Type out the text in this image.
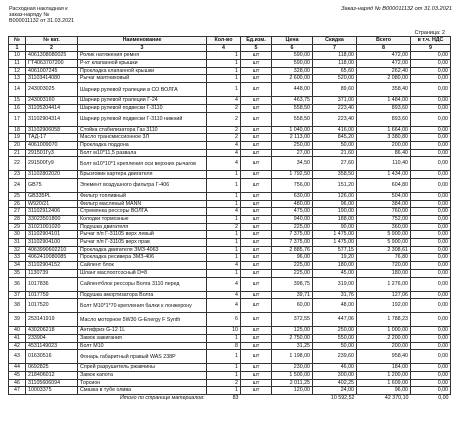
Расходная накладная к
заказ-наряду №
В000011132 от 31.03.2021
Заказ-наряд № В000011132 от 31.03.2021
Страница: 2
№	№ кат.	Наименование	Кол-во	Ед.изм.	Цена	Скидка	Всего	в т.ч. НДС
1	2	3	4	5	6	7	8	9
10	4061308080025	Ролик натяжения ремня	1	шт	590,00	118,00	472,00	0,00
11	ГТ4063707200	Р-кт клапанной крышки	1	шт	590,00	118,00	472,00	0,00
12	4061007245	Прокладка клапанной крышки	1	шт	328,00	65,60	262,40	0,00
13	31103414080	Рычаг маятниковый	1	шт	2 600,00	520,00	2 080,00	0,00
14	243003025	Шарнир рулевой трапеции в СО ВОЛГА	1	шт	448,00	89,60	358,40	0,00
15	243003160	Шарнир рулевой трапеции Г-24	4	шт	463,75	371,00	1 484,00	0,00
16	31105204414	Шарнир рулевой подвески Г-3110	2	шт	558,50	223,40	893,60	0,00
17	31102904314	Шарнир рулевой подвески Г-3110 нижний	2	шт	558,50	223,40	893,60	0,00
18	31102906058	Стойка стабилизатора Газ 3110	2	шт	1 040,00	416,00	1 664,00	0,00
19	ТАД-17	Масло трансмиссионное 3Л	2	шт	2 113,00	845,20	3 380,80	0,00
20	4061009070	Прокладка поддона	4	шт	250,00	50,00	200,00	0,00
21	291501Гу3	Болт м10*11,5 развала	4	шт	27,00	21,60	86,40	0,00
22	291500Гу9	Болт м10*10*1 крепления оси верхних рычагов	4	шт	34,50	27,60	110,40	0,00
23	31102802020	Брызговик картера двигателя	1	шт	1 792,50	358,50	1 434,00	0,00
24	GB75	Элемент воздушного фильтра Г-406	1	шт	756,00	151,20	604,80	0,00
25	GB335PL	Фильтр топливный	1	шт	630,00	126,00	504,00	0,00
26	W920/21	Фильтр масляный MANN	1	шт	480,00	96,00	384,00	0,00
27	31102912406	Стремянка рессоры ВОЛГА	4	шт	475,00	190,00	760,00	0,00
28	33023501800	Колодки тормозные	1	шт	940,00	188,00	752,00	0,00
29	31021001020	Подушка двигателя	2	шт	225,00	90,00	360,00	0,00
30	31102904101	Рычаг п/п Г-31105 верх левый	1	шт	7 375,00	1 475,00	5 900,00	0,00
31	31102904100	Рычаг п/п Г-31105 верх прав	1	шт	7 375,00	1 475,00	5 900,00	0,00
32	4063990602210	Прокладка двигателя ЗМЗ-4063	1	шт	2 885,76	577,15	2 308,61	0,00
33	4062410080085	Прокладка ресивера ЗМЗ-406	1	шт	96,00	19,20	76,80	0,00
34	31102904152	Сайлент блок	4	шт	225,00	180,00	720,00	0,00
35	1130739	Шланг маслоотсосный D=8	1	шт	225,00	45,00	180,00	0,00
36	1017836	Сайлентблок рессоры Волга 3110 перед	4	шт	398,75	319,00	1 276,00	0,00
37	1017759	Подушка амортизатора Волга	4	шт	39,71	31,76	127,06	0,00
38	1017520	Болт М10*1*70 крепления балки к лонжерону	4	шт	60,00	48,00	192,00	0,00
39	253141919	Масло моторное 5W30 G-Energy F Synth	6	шт	372,55	447,06	1 788,23	0,00
40	430206218	Антифриз G-12 1L	10	шт	125,00	250,00	1 000,00	0,00
41	233904	Замок зажигания	1	шт	2 750,00	550,00	2 200,00	0,00
42	4531149023	Болт M10	8	шт	31,25	50,00	200,00	0,00
43	01630516	Фонарь габаритный правый WAS 238P	1	шт	1 198,00	239,60	958,40	0,00
44	0692825	Спрей разрушитель ржавчины	1	шт	230,00	46,00	184,00	0,00
45	218406012	Замок капота	1	шт	1 500,00	300,00	1 200,00	0,00
46	31105606094	Торсион	2	шт	2 011,25	402,25	1 609,00	0,00
47	10003375	Смазка в тубе олива	1	шт	120,00	24,00	96,00	0,00
Итого по странице материалов:			83			10 592,52	42 370,10	0,00
